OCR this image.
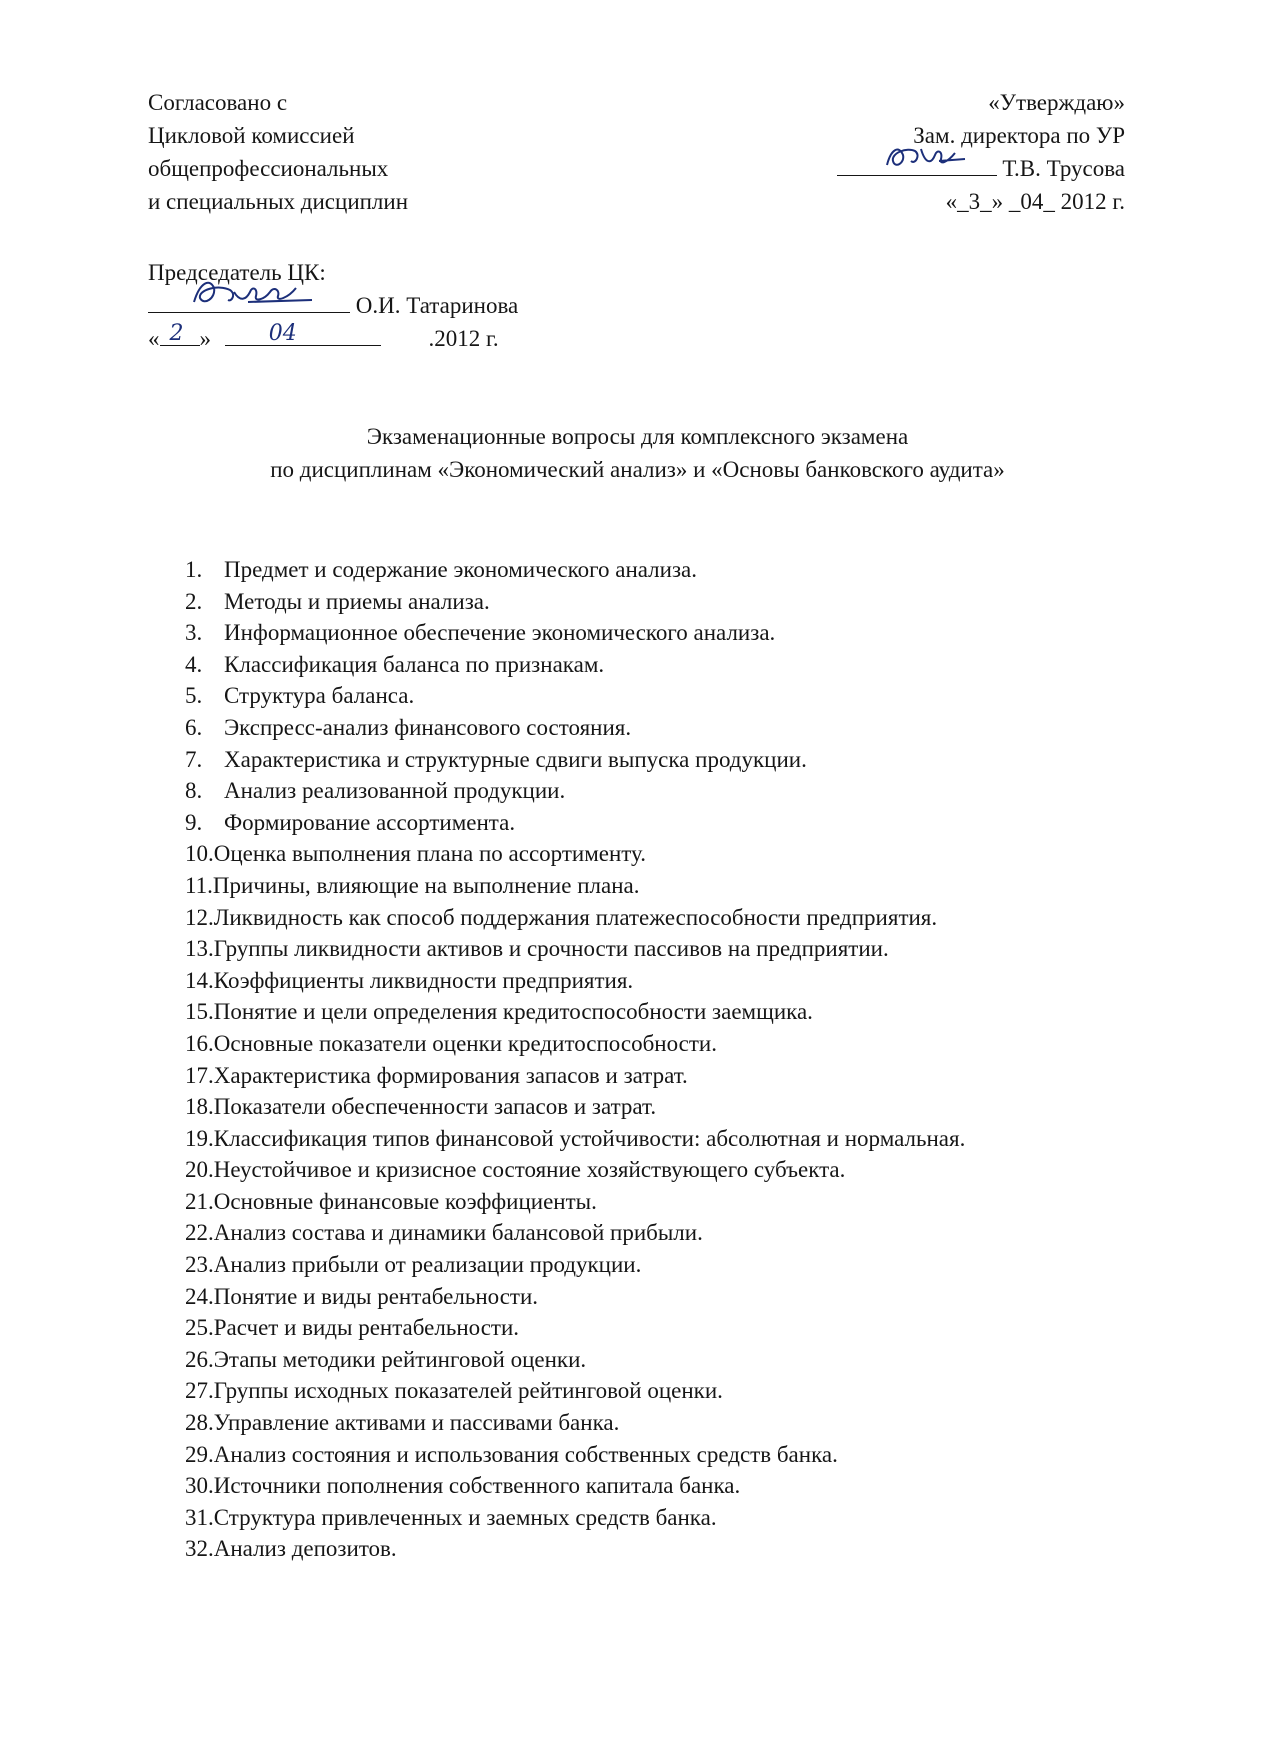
Согласовано с
Цикловой комиссией
общепрофессиональных
и специальных дисциплин
«Утверждаю»
Зам. директора по УР
Т.В. Трусова
«_3_» _04_ 2012 г.
Председатель ЦК:
О.И. Татаринова
« 2 »	04	.2012 г.
Экзаменационные вопросы для комплексного экзамена
по дисциплинам «Экономический анализ» и «Основы банковского аудита»
1. Предмет и содержание экономического анализа.
2. Методы и приемы анализа.
3. Информационное обеспечение экономического анализа.
4. Классификация баланса по признакам.
5. Структура баланса.
6. Экспресс-анализ финансового состояния.
7. Характеристика и структурные сдвиги выпуска продукции.
8. Анализ реализованной продукции.
9. Формирование ассортимента.
10.Оценка выполнения плана по ассортименту.
11.Причины, влияющие на выполнение плана.
12.Ликвидность как способ поддержания платежеспособности предприятия.
13.Группы ликвидности активов и срочности пассивов на предприятии.
14.Коэффициенты ликвидности предприятия.
15.Понятие и цели определения кредитоспособности заемщика.
16.Основные показатели оценки кредитоспособности.
17.Характеристика формирования запасов и затрат.
18.Показатели обеспеченности запасов и затрат.
19.Классификация типов финансовой устойчивости: абсолютная и нормальная.
20.Неустойчивое и кризисное состояние хозяйствующего субъекта.
21.Основные финансовые коэффициенты.
22.Анализ состава и динамики балансовой прибыли.
23.Анализ прибыли от реализации продукции.
24.Понятие и виды рентабельности.
25.Расчет и виды рентабельности.
26.Этапы методики рейтинговой оценки.
27.Группы исходных показателей рейтинговой оценки.
28.Управление активами и пассивами банка.
29.Анализ состояния и использования собственных средств банка.
30.Источники пополнения собственного капитала банка.
31.Структура привлеченных и заемных средств банка.
32.Анализ депозитов.
